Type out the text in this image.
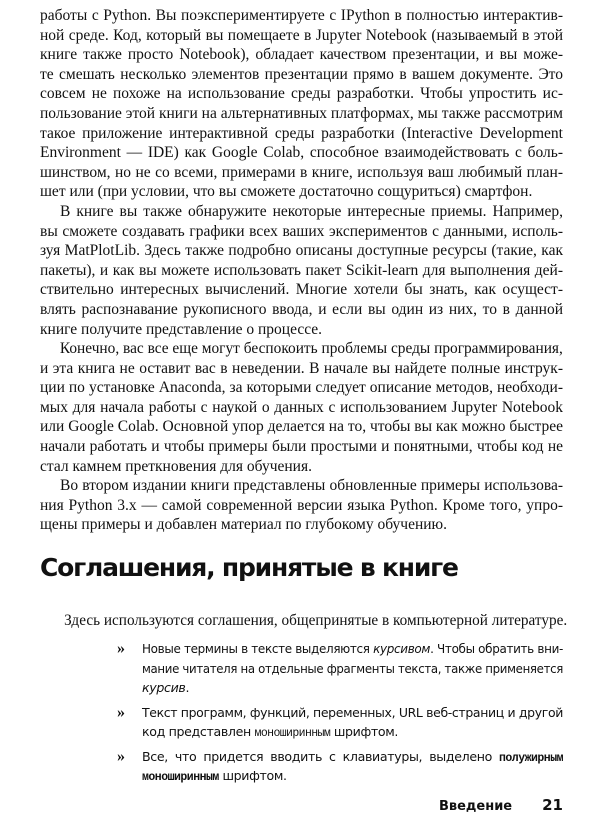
работы с Python. Вы поэкспериментируете с IPython в полностью интерактив-
ной среде. Код, который вы помещаете в Jupyter Notebook (называемый в этой
книге также просто Notebook), обладает качеством презентации, и вы може-
те смешать несколько элементов презентации прямо в вашем документе. Это
совсем не похоже на использование среды разработки. Чтобы упростить ис-
пользование этой книги на альтернативных платформах, мы также рассмотрим
такое приложение интерактивной среды разработки (Interactive Development
Environment — IDE) как Google Colab, способное взаимодействовать с боль-
шинством, но не со всеми, примерами в книге, используя ваш любимый план-
шет или (при условии, что вы сможете достаточно сощуриться) смартфон.
В книге вы также обнаружите некоторые интересные приемы. Например,
вы сможете создавать графики всех ваших экспериментов с данными, исполь-
зуя MatPlotLib. Здесь также подробно описаны доступные ресурсы (такие, как
пакеты), и как вы можете использовать пакет Scikit-learn для выполнения дей-
ствительно интересных вычислений. Многие хотели бы знать, как осущест-
влять распознавание рукописного ввода, и если вы один из них, то в данной
книге получите представление о процессе.
Конечно, вас все еще могут беспокоить проблемы среды программирования,
и эта книга не оставит вас в неведении. В начале вы найдете полные инструк-
ции по установке Anaconda, за которыми следует описание методов, необходи-
мых для начала работы с наукой о данных с использованием Jupyter Notebook
или Google Colab. Основной упор делается на то, чтобы вы как можно быстрее
начали работать и чтобы примеры были простыми и понятными, чтобы код не
стал камнем преткновения для обучения.
Во втором издании книги представлены обновленные примеры использова-
ния Python 3.x — самой современной версии языка Python. Кроме того, упро-
щены примеры и добавлен материал по глубокому обучению.
Соглашения, принятые в книге
Здесь используются соглашения, общепринятые в компьютерной литературе.
» Новые термины в тексте выделяются курсивом. Чтобы обратить вни-
мание читателя на отдельные фрагменты текста, также применяется
курсив.
» Текст программ, функций, переменных, URL веб-страниц и другой
код представлен моноширинным шрифтом.
» Все, что придется вводить с клавиатуры, выделено полужирным
моноширинным шрифтом.
Введение 21
